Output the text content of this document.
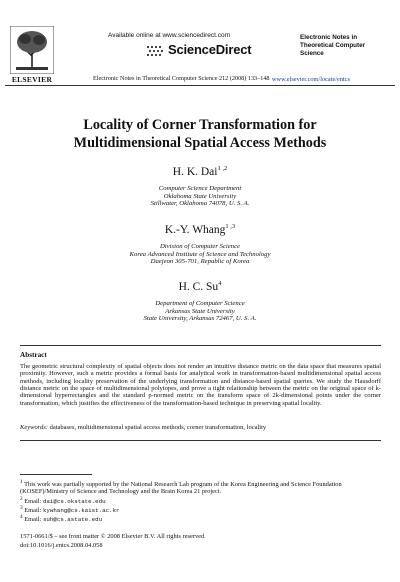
ELSEVIER
Available online at www.sciencedirect.com
ScienceDirect
Electronic Notes in Theoretical Computer Science 212 (2008) 133–148
Electronic Notes in Theoretical Computer Science
www.elsevier.com/locate/entcs
Locality of Corner Transformation for
Multidimensional Spatial Access Methods
H. K. Dai$^{1 ,2}$
Computer Science Department
Oklahoma State University
Stillwater, Oklahoma 74078, U. S. A.
K.-Y. Whang$^{1 ,3}$
Division of Computer Science
Korea Advanced Institute of Science and Technology
Daejeon 305-701, Republic of Korea
H. C. Su$^4$
Department of Computer Science
Arkansas State University
State University, Arkansas 72467, U. S. A.
Abstract
The geometric structural complexity of spatial objects does not render an intuitive distance metric on the data space that measures spatial proximity. However, such a metric provides a formal basis for analytical work in transformation-based multidimensional spatial access methods, including locality preservation of the underlying transformation and distance-based spatial queries. We study the Hausdorff distance metric on the space of multidimensional polytopes, and prove a tight relationship between the metric on the original space of k-dimensional hyperrectangles and the standard p-normed metric on the transform space of 2k-dimensional points under the corner transformation, which justifies the effectiveness of the transformation-based technique in preserving spatial locality.
Keywords: databases, multidimensional spatial access methods, corner transformation, locality
$^1$ This work was partially supported by the National Research Lab program of the Korea Engineering and Science Foundation (KOSEF)/Ministry of Science and Technology and the Brain Korea 21 project.
$^2$ Email: dai@cs.okstate.edu
$^3$ Email: kywhang@cs.kaist.ac.kr
$^4$ Email: suh@cs.astate.edu
1571-0661/$ – see front matter © 2008 Elsevier B.V. All rights reserved.
doi:10.1016/j.entcs.2008.04.058
